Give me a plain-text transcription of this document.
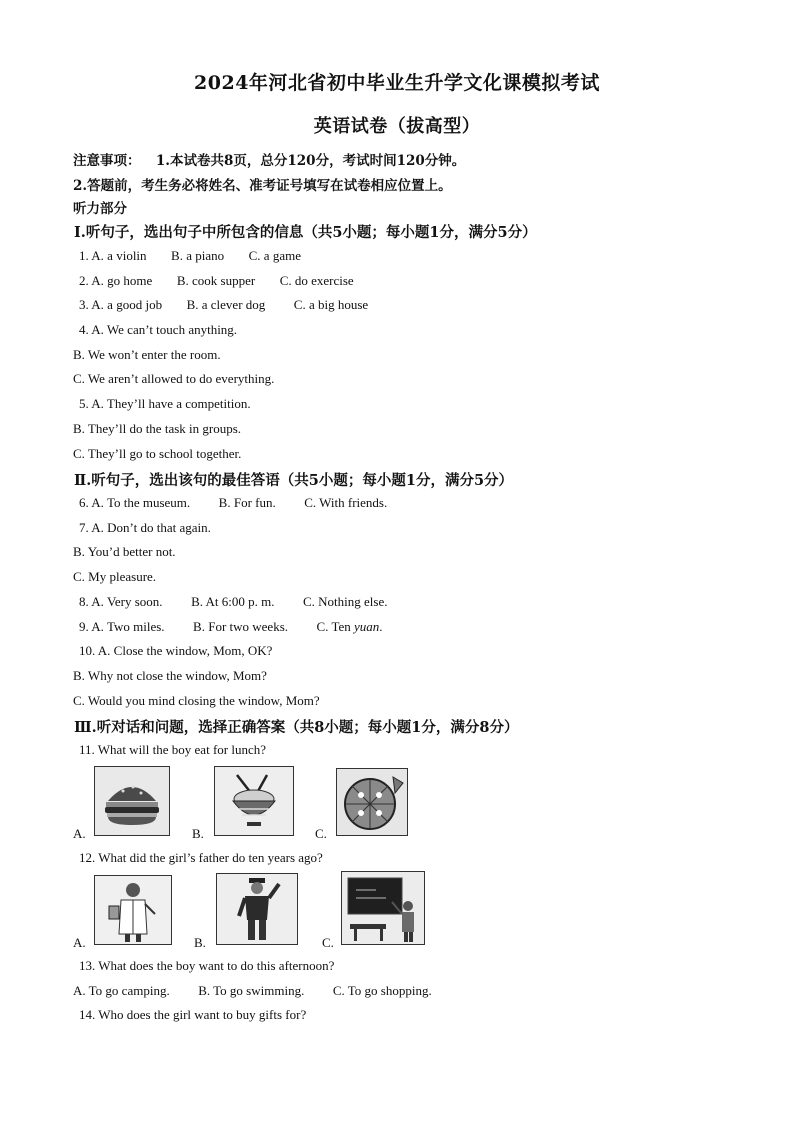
2024年河北省初中毕业生升学文化课模拟考试
英语试卷（拔高型）
注意事项： 1.本试卷共8页，总分120分，考试时间120分钟。
2.答题前，考生务必将姓名、准考证号填写在试卷相应位置上。
听力部分
Ⅰ.听句子，选出句子中所包含的信息（共5小题；每小题1分，满分5分）
1. A. a violin B. a piano C. a game
2. A. go home B. cook supper C. do exercise
3. A. a good job B. a clever dog C. a big house
4. A. We can’t touch anything.
B. We won’t enter the room.
C. We aren’t allowed to do everything.
5. A. They’ll have a competition.
B. They’ll do the task in groups.
C. They’ll go to school together.
Ⅱ.听句子，选出该句的最佳答语（共5小题；每小题1分，满分5分）
6. A. To the museum. B. For fun. C. With friends.
7. A. Don’t do that again.
B. You’d better not.
C. My pleasure.
8. A. Very soon. B. At 6:00 p. m. C. Nothing else.
9. A. Two miles. B. For two weeks. C. Ten yuan.
10. A. Close the window, Mom, OK?
B. Why not close the window, Mom?
C. Would you mind closing the window, Mom?
Ⅲ.听对话和问题，选择正确答案（共8小题；每小题1分，满分8分）
11. What will the boy eat for lunch?
A.	B.	C.
12. What did the girl’s father do ten years ago?
A.	B.	C.
13. What does the boy want to do this afternoon?
A. To go camping. B. To go swimming. C. To go shopping.
14. Who does the girl want to buy gifts for?
